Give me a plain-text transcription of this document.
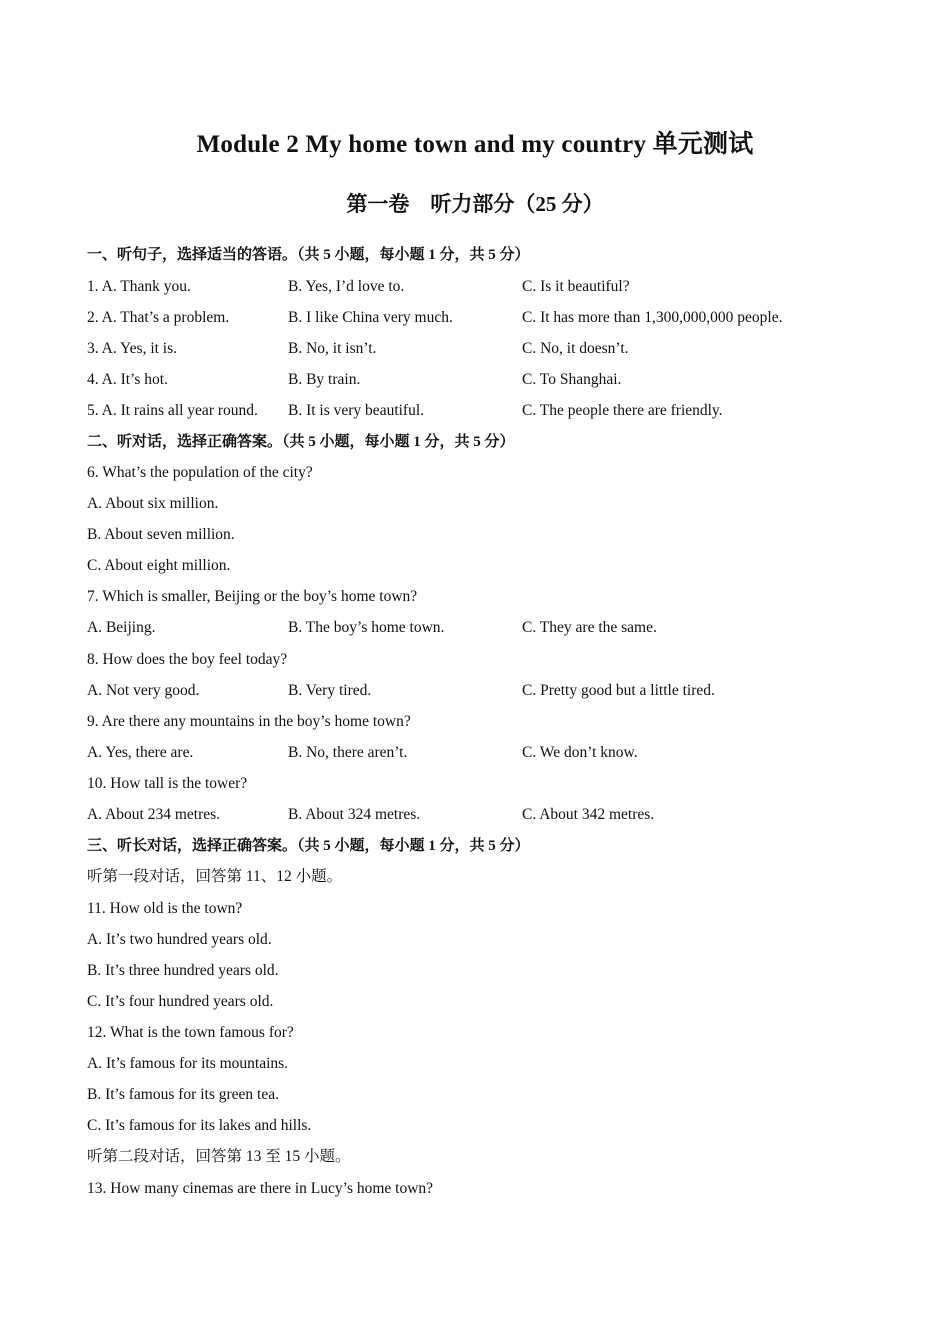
Module 2 My home town and my country 单元测试
第一卷　听力部分（25 分）
一、听句子，选择适当的答语。（共 5 小题，每小题 1 分，共 5 分）
1. A. Thank you.	B. Yes, I’d love to.	C. Is it beautiful?
2. A. That’s a problem.	B. I like China very much.	C. It has more than 1,300,000,000 people.
3. A. Yes, it is.	B. No, it isn’t.	C. No, it doesn’t.
4. A. It’s hot.	B. By train.	C. To Shanghai.
5. A. It rains all year round. B. It is very beautiful.	C. The people there are friendly.
二、听对话，选择正确答案。（共 5 小题，每小题 1 分，共 5 分）
6. What’s the population of the city?
A. About six million.
B. About seven million.
C. About eight million.
7. Which is smaller, Beijing or the boy’s home town?
A. Beijing.	B. The boy’s home town.	C. They are the same.
8. How does the boy feel today?
A. Not very good.	B. Very tired.	C. Pretty good but a little tired.
9. Are there any mountains in the boy’s home town?
A. Yes, there are.	B. No, there aren’t.	C. We don’t know.
10. How tall is the tower?
A. About 234 metres.	B. About 324 metres.	C. About 342 metres.
三、听长对话，选择正确答案。（共 5 小题，每小题 1 分，共 5 分）
听第一段对话，回答第 11、12 小题。
11. How old is the town?
A. It’s two hundred years old.
B. It’s three hundred years old.
C. It’s four hundred years old.
12. What is the town famous for?
A. It’s famous for its mountains.
B. It’s famous for its green tea.
C. It’s famous for its lakes and hills.
听第二段对话，回答第 13 至 15 小题。
13. How many cinemas are there in Lucy’s home town?
